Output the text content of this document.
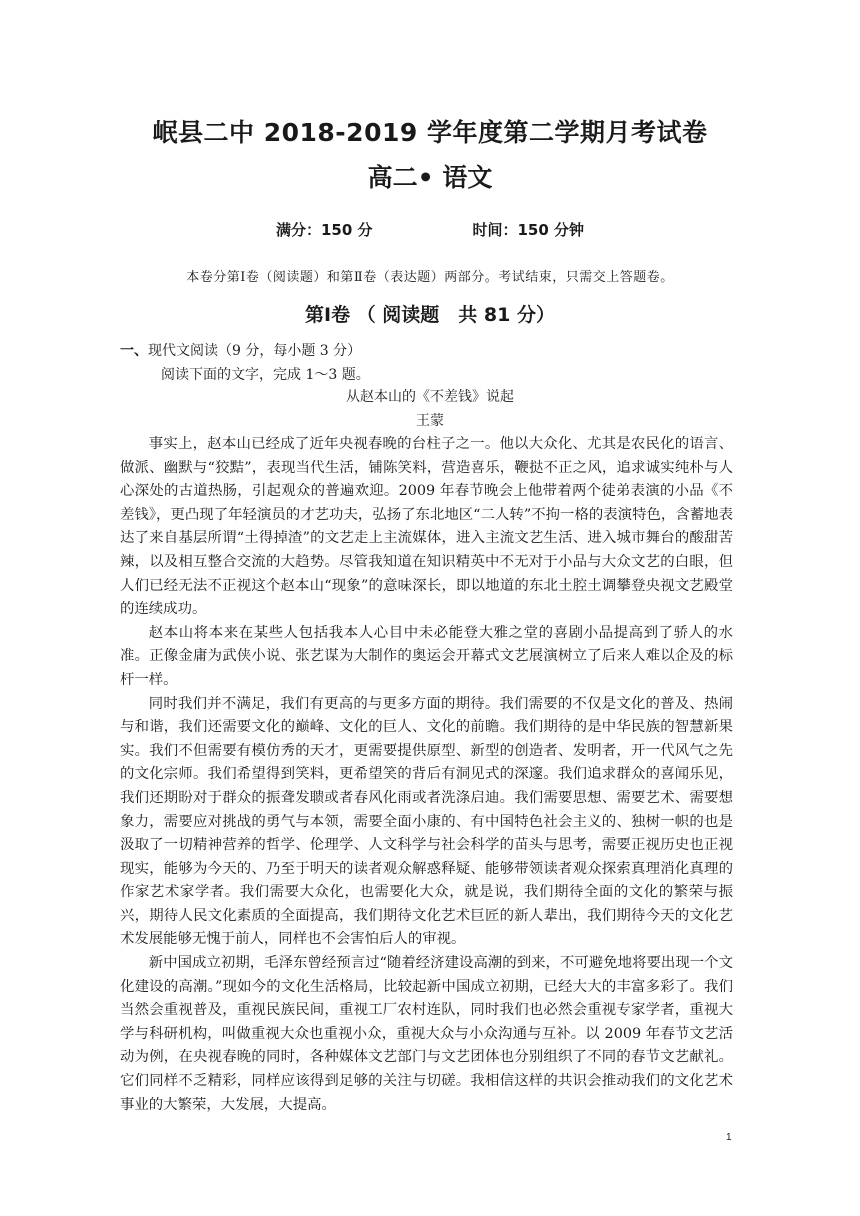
岷县二中 2018-2019 学年度第二学期月考试卷
高二• 语文
满分：150 分	时间：150 分钟
本卷分第Ⅰ卷（阅读题）和第Ⅱ卷（表达题）两部分。考试结束，只需交上答题卷。
第Ⅰ卷 （ 阅读题　共 81 分）
一、现代文阅读（9 分，每小题 3 分）
阅读下面的文字，完成 1～3 题。
从赵本山的《不差钱》说起
王蒙

事实上，赵本山已经成了近年央视春晚的台柱子之一。他以大众化、尤其是农民化的语言、做派、幽默与“狡黠”，表现当代生活，铺陈笑料，营造喜乐，鞭挞不正之风，追求诚实纯朴与人心深处的古道热肠，引起观众的普遍欢迎。2009 年春节晚会上他带着两个徒弟表演的小品《不差钱》，更凸现了年轻演员的才艺功夫，弘扬了东北地区“二人转”不拘一格的表演特色，含蓄地表达了来自基层所谓“土得掉渣”的文艺走上主流媒体，进入主流文艺生活、进入城市舞台的酸甜苦辣，以及相互整合交流的大趋势。尽管我知道在知识精英中不无对于小品与大众文艺的白眼，但人们已经无法不正视这个赵本山“现象”的意味深长，即以地道的东北土腔土调攀登央视文艺殿堂的连续成功。

赵本山将本来在某些人包括我本人心目中未必能登大雅之堂的喜剧小品提高到了骄人的水准。正像金庸为武侠小说、张艺谋为大制作的奥运会开幕式文艺展演树立了后来人难以企及的标杆一样。

同时我们并不满足，我们有更高的与更多方面的期待。我们需要的不仅是文化的普及、热闹与和谐，我们还需要文化的巅峰、文化的巨人、文化的前瞻。我们期待的是中华民族的智慧新果实。我们不但需要有模仿秀的天才，更需要提供原型、新型的创造者、发明者，开一代风气之先的文化宗师。我们希望得到笑料，更希望笑的背后有洞见式的深邃。我们追求群众的喜闻乐见，我们还期盼对于群众的振聋发聩或者春风化雨或者洗涤启迪。我们需要思想、需要艺术、需要想象力，需要应对挑战的勇气与本领，需要全面小康的、有中国特色社会主义的、独树一帜的也是汲取了一切精神营养的哲学、伦理学、人文科学与社会科学的苗头与思考，需要正视历史也正视现实，能够为今天的、乃至于明天的读者观众解惑释疑、能够带领读者观众探索真理消化真理的作家艺术家学者。我们需要大众化，也需要化大众，就是说，我们期待全面的文化的繁荣与振兴，期待人民文化素质的全面提高，我们期待文化艺术巨匠的新人辈出，我们期待今天的文化艺术发展能够无愧于前人，同样也不会害怕后人的审视。

新中国成立初期，毛泽东曾经预言过“随着经济建设高潮的到来，不可避免地将要出现一个文化建设的高潮。”现如今的文化生活格局，比较起新中国成立初期，已经大大的丰富多彩了。我们当然会重视普及，重视民族民间，重视工厂农村连队，同时我们也必然会重视专家学者，重视大学与科研机构，叫做重视大众也重视小众，重视大众与小众沟通与互补。以 2009 年春节文艺活动为例，在央视春晚的同时，各种媒体文艺部门与文艺团体也分别组织了不同的春节文艺献礼。它们同样不乏精彩，同样应该得到足够的关注与切磋。我相信这样的共识会推动我们的文化艺术事业的大繁荣，大发展，大提高。

1
